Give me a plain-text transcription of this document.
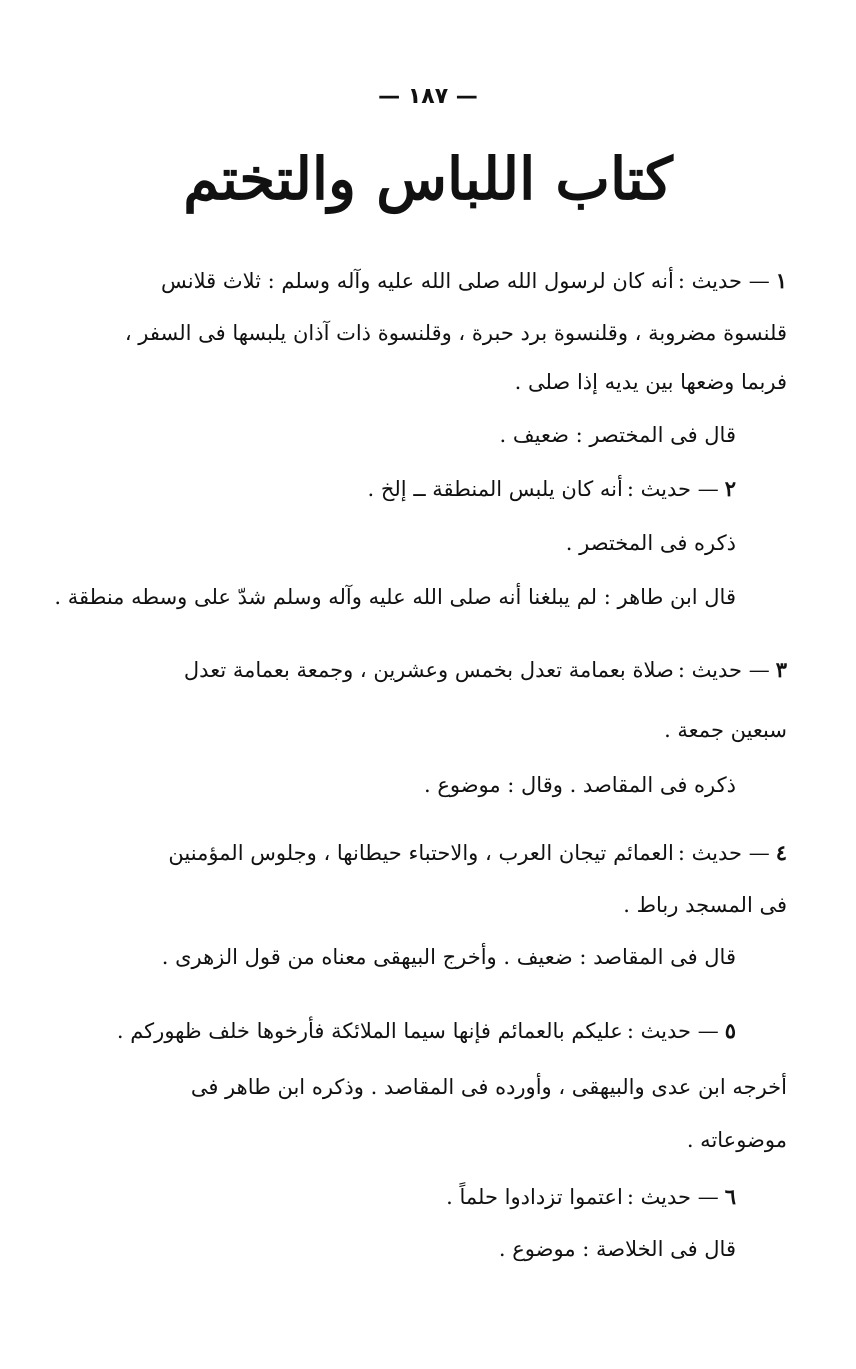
— ١٨٧ —
كتاب اللباس والتختم
١— حديث :أنه كان لرسول الله صلى الله عليه وآله وسلم : ثلاث قلانس
قلنسوة مضروبة ، وقلنسوة برد حبرة ، وقلنسوة ذات آذان يلبسها فى السفر ،
فربما وضعها بين يديه إذا صلى .
قال فى المختصر : ضعيف .
٢— حديث :أنه كان يلبس المنطقة ــ إلخ .
ذكره فى المختصر .
قال ابن طاهر : لم يبلغنا أنه صلى الله عليه وآله وسلم شدّ على وسطه منطقة .
٣— حديث :صلاة بعمامة تعدل بخمس وعشرين ، وجمعة بعمامة تعدل
سبعين جمعة .
ذكره فى المقاصد . وقال : موضوع .
٤— حديث :العمائم تيجان العرب ، والاحتباء حيطانها ، وجلوس المؤمنين
فى المسجد رباط .
قال فى المقاصد : ضعيف . وأخرج البيهقى معناه من قول الزهرى .
٥— حديث :عليكم بالعمائم فإنها سيما الملائكة فأرخوها خلف ظهوركم .
أخرجه ابن عدى والبيهقى ، وأورده فى المقاصد . وذكره ابن طاهر فى
موضوعاته .
٦— حديث :اعتموا تزدادوا حلماً .
قال فى الخلاصة : موضوع .
